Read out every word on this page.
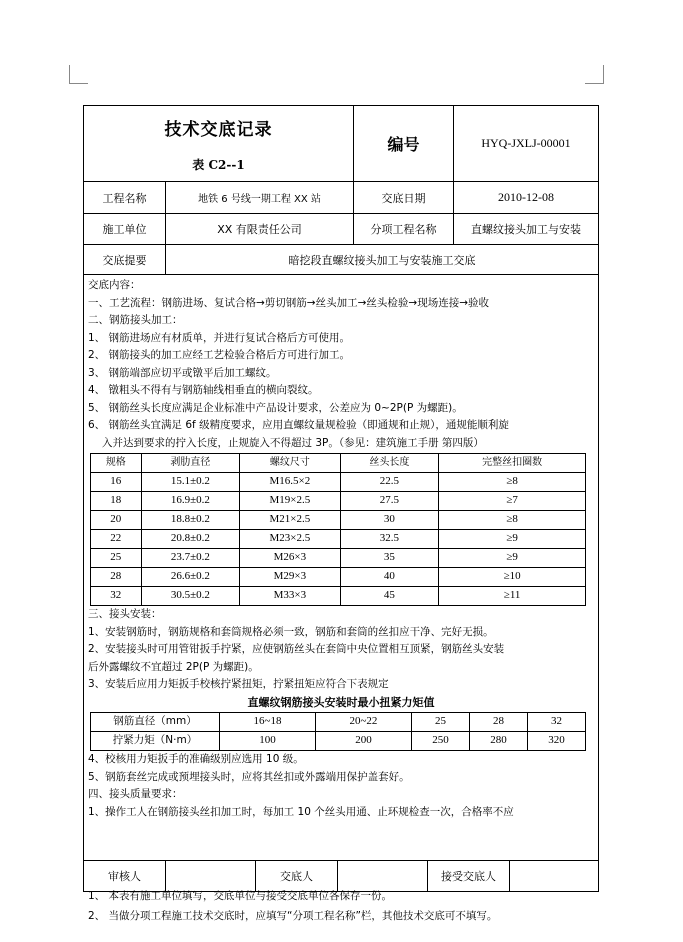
技术交底记录
表 C2--1
编号	HYQ-JXLJ-00001
工程名称	地铁 6 号线一期工程 XX 站	交底日期	2010-12-08
施工单位	XX 有限责任公司	分项工程名称	直螺纹接头加工与安装
交底提要	暗挖段直螺纹接头加工与安装施工交底
交底内容：
一、工艺流程：钢筋进场、复试合格→剪切钢筋→丝头加工→丝头检验→现场连接→验收
二、钢筋接头加工：
1、 钢筋进场应有材质单，并进行复试合格后方可使用。
2、 钢筋接头的加工应经工艺检验合格后方可进行加工。
3、 钢筋端部应切平或镦平后加工螺纹。
4、 镦粗头不得有与钢筋轴线相垂直的横向裂纹。
5、 钢筋丝头长度应满足企业标准中产品设计要求，公差应为 0~2P(P 为螺距)。
6、 钢筋丝头宜满足 6f 级精度要求，应用直螺纹量规检验（即通规和止规），通规能顺利旋
入并达到要求的拧入长度，止规旋入不得超过 3P。（参见：建筑施工手册 第四版）
规格	剥肋直径	螺纹尺寸	丝头长度	完整丝扣圈数
16	15.1±0.2	M16.5×2	22.5	≥8
18	16.9±0.2	M19×2.5	27.5	≥7
20	18.8±0.2	M21×2.5	30	≥8
22	20.8±0.2	M23×2.5	32.5	≥9
25	23.7±0.2	M26×3	35	≥9
28	26.6±0.2	M29×3	40	≥10
32	30.5±0.2	M33×3	45	≥11
三、接头安装：
1、安装钢筋时，钢筋规格和套筒规格必须一致，钢筋和套筒的丝扣应干净、完好无损。
2、安装接头时可用管钳扳手拧紧，应使钢筋丝头在套筒中央位置相互顶紧，钢筋丝头安装
后外露螺纹不宜超过 2P(P 为螺距)。
3、安装后应用力矩扳手校核拧紧扭矩，拧紧扭矩应符合下表规定
直螺纹钢筋接头安装时最小扭紧力矩值
钢筋直径（mm）	16~18	20~22	25	28	32
拧紧力矩（N·m）	100	200	250	280	320
4、校核用力矩扳手的准确级别应选用 10 级。
5、钢筋套丝完成或预埋接头时，应将其丝扣或外露端用保护盖套好。
四、接头质量要求：
1、操作工人在钢筋接头丝扣加工时，每加工 10 个丝头用通、止环规检查一次，合格率不应
审核人	交底人	接受交底人
1、 本表有施工单位填写，交底单位与接受交底单位各保存一份。
2、 当做分项工程施工技术交底时，应填写“分项工程名称”栏，其他技术交底可不填写。
